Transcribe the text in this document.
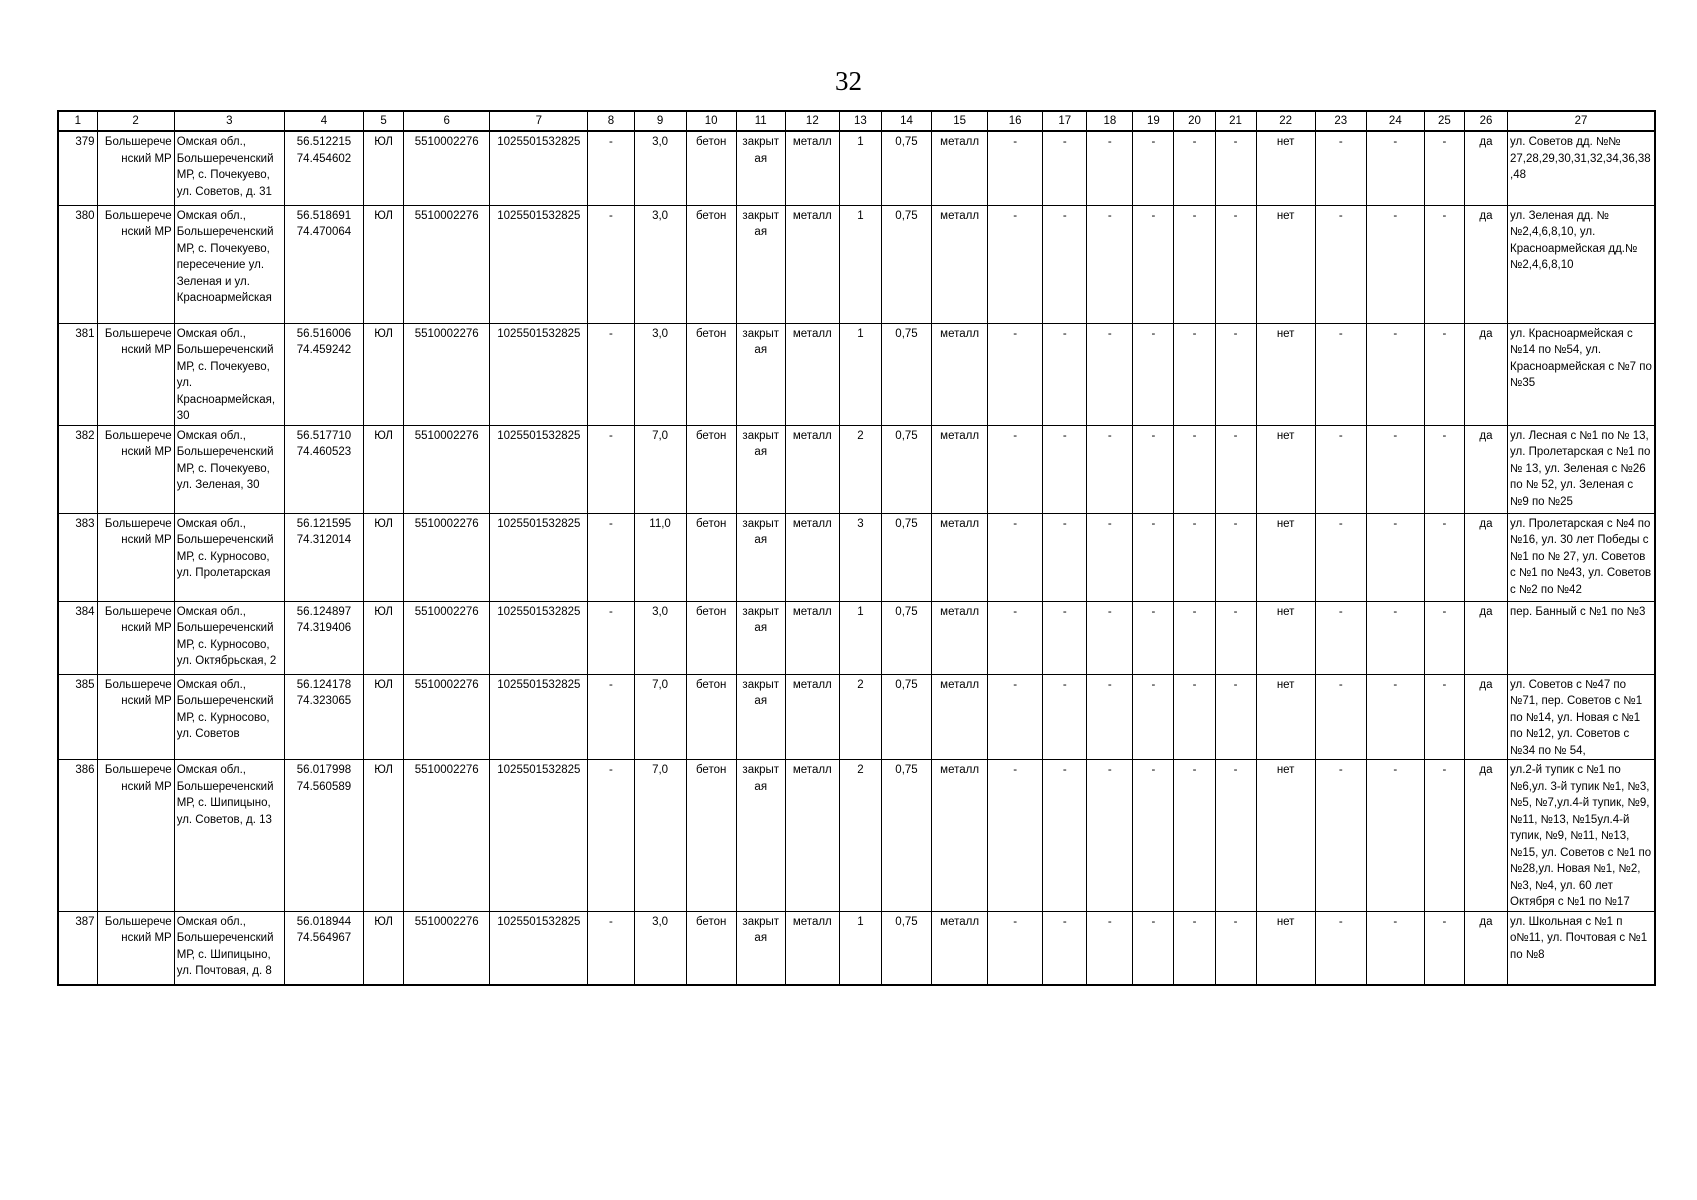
32
1	2	3	4	5	6	7	8	9	10	11	12	13	14	15	16	17	18	19	20	21	22	23	24	25	26	27
379	Большереченский МР	Омская обл., Большереченский МР, с. Почекуево, ул. Советов, д. 31	56.512215 74.454602	ЮЛ	5510002276	1025501532825	-	3,0	бетон	закрыт ая	металл	1	0,75	металл	-	-	-	-	-	-	нет	-	-	-	да	ул. Советов дд. №№ 27,28,29,30,31,32,34,36,38,48
380	Большереченский МР	Омская обл., Большереченский МР, с. Почекуево, пересечение ул. Зеленая и ул. Красноармейская	56.518691 74.470064	ЮЛ	5510002276	1025501532825	-	3,0	бетон	закрыт ая	металл	1	0,75	металл	-	-	-	-	-	-	нет	-	-	-	да	ул. Зеленая дд. №№2,4,6,8,10, ул. Красноармейская дд.№№2,4,6,8,10
381	Большереченский МР	Омская обл., Большереченский МР, с. Почекуево, ул. Красноармейская, 30	56.516006 74.459242	ЮЛ	5510002276	1025501532825	-	3,0	бетон	закрыт ая	металл	1	0,75	металл	-	-	-	-	-	-	нет	-	-	-	да	ул. Красноармейская с №14 по №54, ул. Красноармейская с №7 по №35
382	Большереченский МР	Омская обл., Большереченский МР, с. Почекуево, ул. Зеленая, 30	56.517710 74.460523	ЮЛ	5510002276	1025501532825	-	7,0	бетон	закрыт ая	металл	2	0,75	металл	-	-	-	-	-	-	нет	-	-	-	да	ул. Лесная с №1 по № 13, ул. Пролетарская с №1 по № 13, ул. Зеленая с №26 по № 52, ул. Зеленая с №9 по №25
383	Большереченский МР	Омская обл., Большереченский МР, с. Курносово, ул. Пролетарская	56.121595 74.312014	ЮЛ	5510002276	1025501532825	-	11,0	бетон	закрыт ая	металл	3	0,75	металл	-	-	-	-	-	-	нет	-	-	-	да	ул. Пролетарская с №4 по №16, ул. 30 лет Победы с №1 по № 27, ул. Советов с №1 по №43, ул. Советов с №2 по №42
384	Большереченский МР	Омская обл., Большереченский МР, с. Курносово, ул. Октябрьская, 2	56.124897 74.319406	ЮЛ	5510002276	1025501532825	-	3,0	бетон	закрыт ая	металл	1	0,75	металл	-	-	-	-	-	-	нет	-	-	-	да	пер. Банный с №1 по №3
385	Большереченский МР	Омская обл., Большереченский МР, с. Курносово, ул. Советов	56.124178 74.323065	ЮЛ	5510002276	1025501532825	-	7,0	бетон	закрыт ая	металл	2	0,75	металл	-	-	-	-	-	-	нет	-	-	-	да	ул. Советов с №47 по №71, пер. Советов с №1 по №14, ул. Новая с №1 по №12, ул. Советов с №34 по № 54,
386	Большереченский МР	Омская обл., Большереченский МР, с. Шипицыно, ул. Советов, д. 13	56.017998 74.560589	ЮЛ	5510002276	1025501532825	-	7,0	бетон	закрыт ая	металл	2	0,75	металл	-	-	-	-	-	-	нет	-	-	-	да	ул.2-й тупик с №1 по №6,ул. 3-й тупик №1, №3, №5, №7,ул.4-й тупик, №9, №11, №13, №15ул.4-й тупик, №9, №11, №13, №15, ул. Советов с №1 по №28,ул. Новая №1, №2, №3, №4, ул. 60 лет Октября с №1 по №17
387	Большереченский МР	Омская обл., Большереченский МР, с. Шипицыно, ул. Почтовая, д. 8	56.018944 74.564967	ЮЛ	5510002276	1025501532825	-	3,0	бетон	закрыт ая	металл	1	0,75	металл	-	-	-	-	-	-	нет	-	-	-	да	ул. Школьная с №1 п о№11, ул. Почтовая с №1 по №8
